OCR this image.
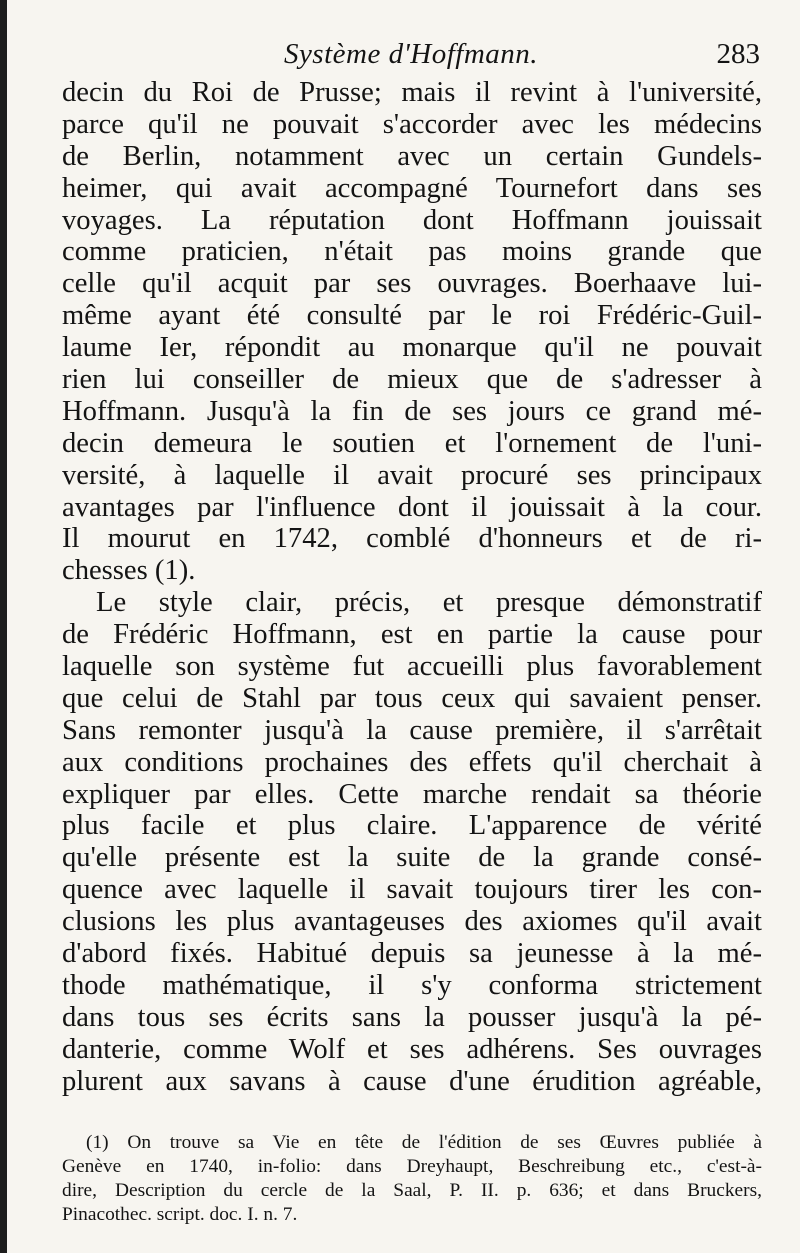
Système d'Hoffmann.	283
decin du Roi de Prusse; mais il revint à l'université,
parce qu'il ne pouvait s'accorder avec les médecins
de Berlin, notamment avec un certain Gundels-
heimer, qui avait accompagné Tournefort dans ses
voyages. La réputation dont Hoffmann jouissait
comme praticien, n'était pas moins grande que
celle qu'il acquit par ses ouvrages. Boerhaave lui-
même ayant été consulté par le roi Frédéric-Guil-
laume Ier, répondit au monarque qu'il ne pouvait
rien lui conseiller de mieux que de s'adresser à
Hoffmann. Jusqu'à la fin de ses jours ce grand mé-
decin demeura le soutien et l'ornement de l'uni-
versité, à laquelle il avait procuré ses principaux
avantages par l'influence dont il jouissait à la cour.
Il mourut en 1742, comblé d'honneurs et de ri-
chesses (1).
Le style clair, précis, et presque démonstratif
de Frédéric Hoffmann, est en partie la cause pour
laquelle son système fut accueilli plus favorablement
que celui de Stahl par tous ceux qui savaient penser.
Sans remonter jusqu'à la cause première, il s'arrêtait
aux conditions prochaines des effets qu'il cherchait à
expliquer par elles. Cette marche rendait sa théorie
plus facile et plus claire. L'apparence de vérité
qu'elle présente est la suite de la grande consé-
quence avec laquelle il savait toujours tirer les con-
clusions les plus avantageuses des axiomes qu'il avait
d'abord fixés. Habitué depuis sa jeunesse à la mé-
thode mathématique, il s'y conforma strictement
dans tous ses écrits sans la pousser jusqu'à la pé-
danterie, comme Wolf et ses adhérens. Ses ouvrages
plurent aux savans à cause d'une érudition agréable,
(1) On trouve sa Vie en tête de l'édition de ses Œuvres publiée à
Genève en 1740, in-folio: dans Dreyhaupt, Beschreibung etc., c'est-à-
dire, Description du cercle de la Saal, P. II. p. 636; et dans Bruckers,
Pinacothec. script. doc. I. n. 7.
